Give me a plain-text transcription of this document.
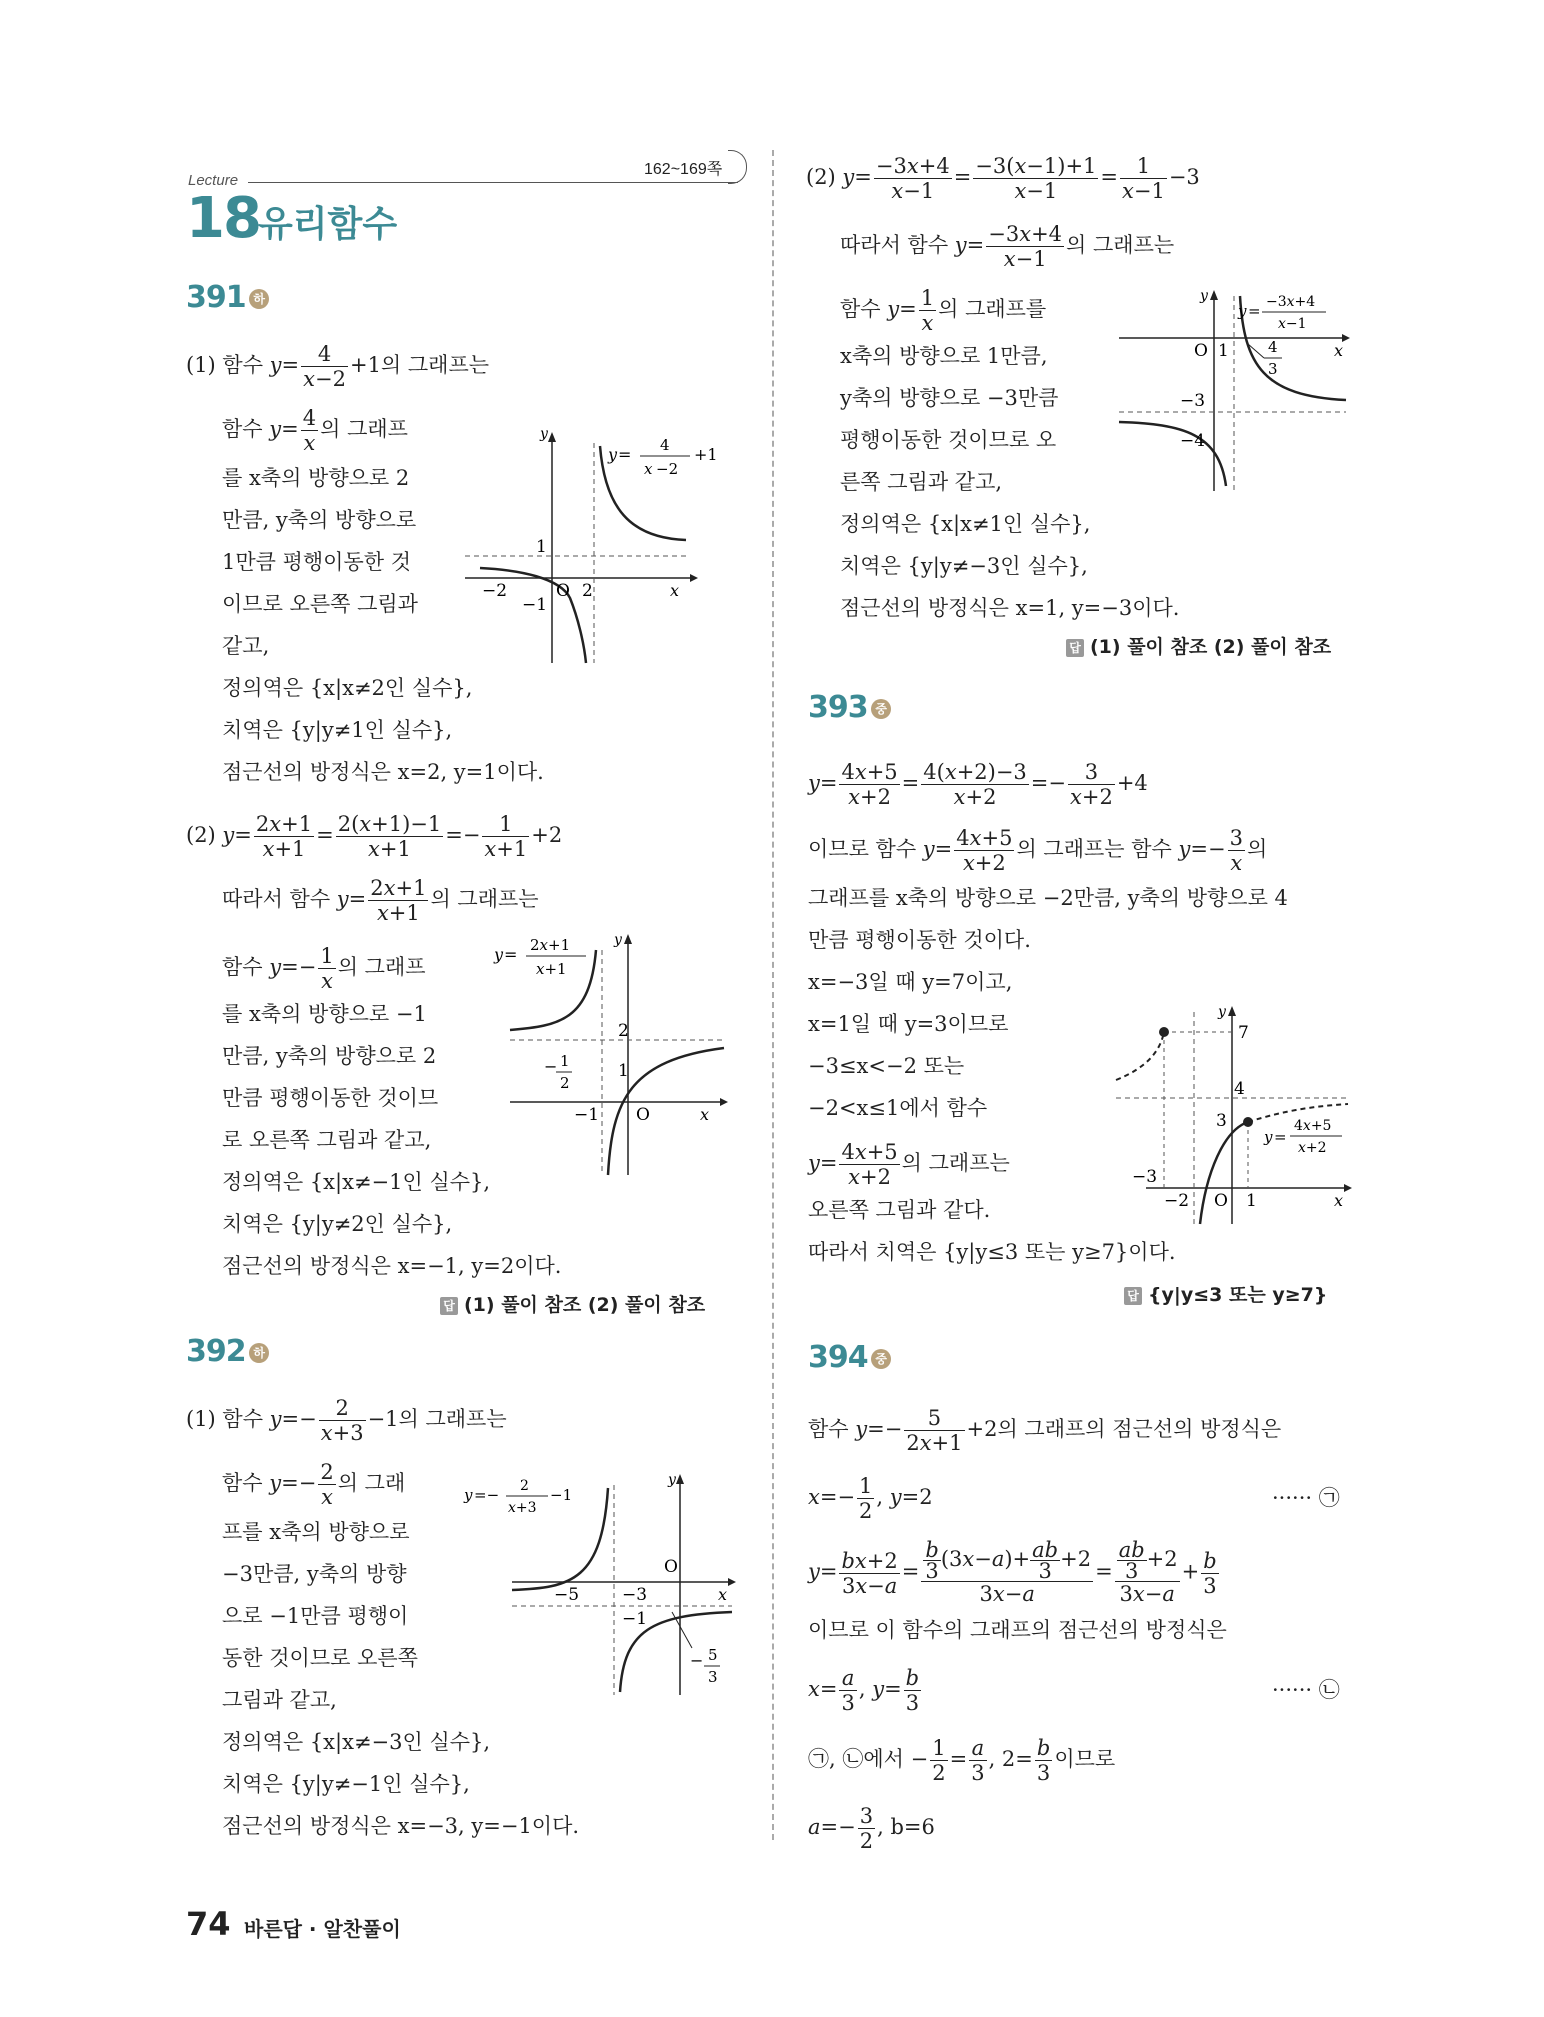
Lecture
18
유리함수
162~169쪽
391 하
(1) 함수 $y= \frac{4}{x-2} +1$의 그래프는
함수 $y= \frac{4}{x}$ 의 그래프
를 x축의 방향으로 2
만큼, y축의 방향으로
1만큼 평행이동한 것
이므로 오른쪽 그림과
같고,
정의역은 {x|x≠2인 실수},
치역은 {y|y≠1인 실수},
점근선의 방정식은 x=2, y=1이다.
y
O 2
1
−2
−1
x
y = 4
x −2
+1
(2) $y= \frac{2x+1}{x+1} = \frac{2(x+1)-1}{x+1} =- \frac{1}{x+1} +2$
따라서 함수 $y= \frac{2x+1}{x+1}$ 의 그래프는
함수 $y=- \frac{1}{x}$ 의 그래프
를 x축의 방향으로 −1
만큼, y축의 방향으로 2
만큼 평행이동한 것이므
로 오른쪽 그림과 같고,
정의역은 {x|x≠−1인 실수},
치역은 {y|y≠2인 실수},
점근선의 방정식은 x=−1, y=2이다.
y
2
1
O
−1	x
− 1
2
y = 2x+1
x+1
답 (1) 풀이 참조 (2) 풀이 참조
392 하
(1) 함수 $y=- \frac{2}{x+3} -1$의 그래프는
함수 $y=- \frac{2}{x}$ 의 그래
프를 x축의 방향으로
−3만큼, y축의 방향
으로 −1만큼 평행이
동한 것이므로 오른쪽
그림과 같고,
정의역은 {x|x≠−3인 실수},
치역은 {y|y≠−1인 실수},
점근선의 방정식은 x=−3, y=−1이다.
y
O
−5	−3
−1
x
− 5
3
y =− 2
x+3
−1
(2) $y= \frac{-3x+4}{x-1} = \frac{-3(x-1)+1}{x-1} = \frac{1}{x-1} -3$
따라서 함수 $y= \frac{-3x+4}{x-1}$ 의 그래프는
함수 $y= \frac{1}{x}$ 의 그래프를
x축의 방향으로 1만큼,
y축의 방향으로 −3만큼
평행이동한 것이므로 오
른쪽 그림과 같고,
정의역은 {x|x≠1인 실수},
치역은 {y|y≠−3인 실수},
점근선의 방정식은 x=1, y=−3이다.
y
O 1	x
−3
−4
4
3
y = −3x+4
x−1
답 (1) 풀이 참조 (2) 풀이 참조
393 중
$y= \frac{4x+5}{x+2} = \frac{4(x+2)-3}{x+2} =- \frac{3}{x+2} +4$
이므로 함수 $y= \frac{4x+5}{x+2}$ 의 그래프는 함수 $y=- \frac{3}{x}$ 의
그래프를 x축의 방향으로 −2만큼, y축의 방향으로 4
만큼 평행이동한 것이다.
x=−3일 때 y=7이고,
x=1일 때 y=3이므로
−3≤x<−2 또는
−2<x≤1에서 함수
$y= \frac{4x+5}{x+2}$ 의 그래프는
오른쪽 그림과 같다.
따라서 치역은 {y|y≤3 또는 y≥7}이다.
y
7
4
3
−3
−2 O 1	x
y =
4x+5
x+2
답 {y|y≤3 또는 y≥7}
394 중
함수 $y=- \frac{5}{2x+1} +2$의 그래프의 점근선의 방정식은
$x=- \frac{1}{2}$ , y=2	······ ㉠
$y= \frac{bx+2}{3x-a} = \frac{\frac{b}{3} (3x-a)+ \frac{ab}{3} +2}{3x-a} = \frac{\frac{ab}{3} +2}{3x-a} + \frac{b}{3}$
이므로 이 함수의 그래프의 점근선의 방정식은
$x= \frac{a}{3}$ , $y= \frac{b}{3}$	······ ㉡
㉠, ㉡에서 − $\frac{1}{2} = \frac{a}{3}$ , $2= \frac{b}{3}$ 이므로
$a=- \frac{3}{2}$ , b=6
74 바른답 · 알찬풀이
